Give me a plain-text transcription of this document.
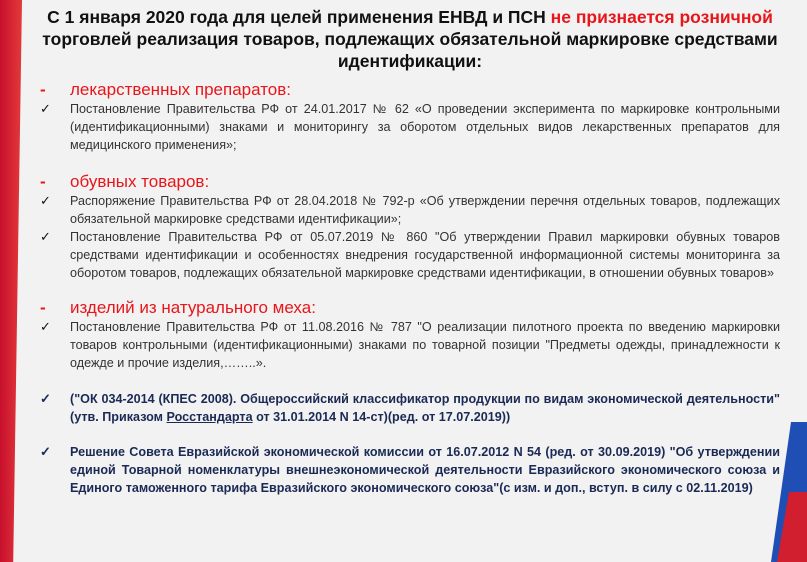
С 1 января 2020 года для целей применения ЕНВД и ПСН не признается розничной
торговлей реализация товаров, подлежащих обязательной маркировке средствами
идентификации:
-	лекарственных препаратов:
✓	Постановление Правительства РФ от 24.01.2017 № 62 «О проведении эксперимента по маркировке контрольными (идентификационными) знаками и мониторингу за оборотом отдельных видов лекарственных препаратов для медицинского применения»;
-	обувных товаров:
✓	Распоряжение Правительства РФ от 28.04.2018 № 792-р «Об утверждении перечня отдельных товаров, подлежащих обязательной маркировке средствами идентификации»;
✓	Постановление Правительства РФ от 05.07.2019 № 860 "Об утверждении Правил маркировки обувных товаров средствами идентификации и особенностях внедрения государственной информационной системы мониторинга за оборотом товаров, подлежащих обязательной маркировке средствами идентификации, в отношении обувных товаров»
-	изделий из натурального меха:
✓	Постановление Правительства РФ от 11.08.2016 № 787 "О реализации пилотного проекта по введению маркировки товаров контрольными (идентификационными) знаками по товарной позиции "Предметы одежды, принадлежности к одежде и прочие изделия,……..».
✓	("ОК 034-2014 (КПЕС 2008). Общероссийский классификатор продукции по видам экономической деятельности" (утв. Приказом Росстандарта от 31.01.2014 N 14-ст)(ред. от 17.07.2019))
✓	Решение Совета Евразийской экономической комиссии от 16.07.2012 N 54 (ред. от 30.09.2019) "Об утверждении единой Товарной номенклатуры внешнеэкономической деятельности Евразийского экономического союза и Единого таможенного тарифа Евразийского экономического союза"(с изм. и доп., вступ. в силу с 02.11.2019)
